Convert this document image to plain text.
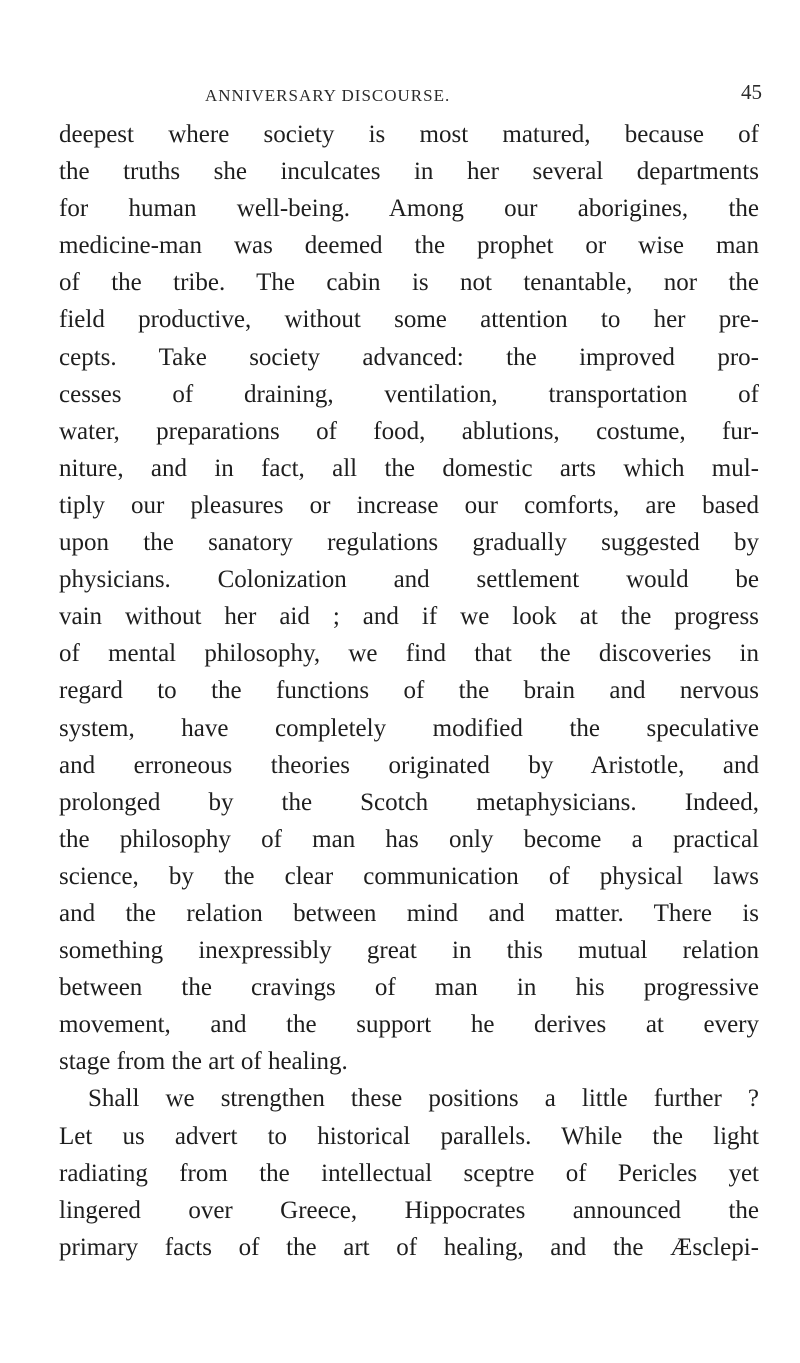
ANNIVERSARY DISCOURSE.	45
deepest where society is most matured, because of
the truths she inculcates in her several departments
for human well-being. Among our aborigines, the
medicine-man was deemed the prophet or wise man
of the tribe. The cabin is not tenantable, nor the
field productive, without some attention to her pre-
cepts. Take society advanced: the improved pro-
cesses of draining, ventilation, transportation of
water, preparations of food, ablutions, costume, fur-
niture, and in fact, all the domestic arts which mul-
tiply our pleasures or increase our comforts, are based
upon the sanatory regulations gradually suggested by
physicians. Colonization and settlement would be
vain without her aid ; and if we look at the progress
of mental philosophy, we find that the discoveries in
regard to the functions of the brain and nervous
system, have completely modified the speculative
and erroneous theories originated by Aristotle, and
prolonged by the Scotch metaphysicians. Indeed,
the philosophy of man has only become a practical
science, by the clear communication of physical laws
and the relation between mind and matter. There is
something inexpressibly great in this mutual relation
between the cravings of man in his progressive
movement, and the support he derives at every
stage from the art of healing.
Shall we strengthen these positions a little further ?
Let us advert to historical parallels. While the light
radiating from the intellectual sceptre of Pericles yet
lingered over Greece, Hippocrates announced the
primary facts of the art of healing, and the Æsclepi-
